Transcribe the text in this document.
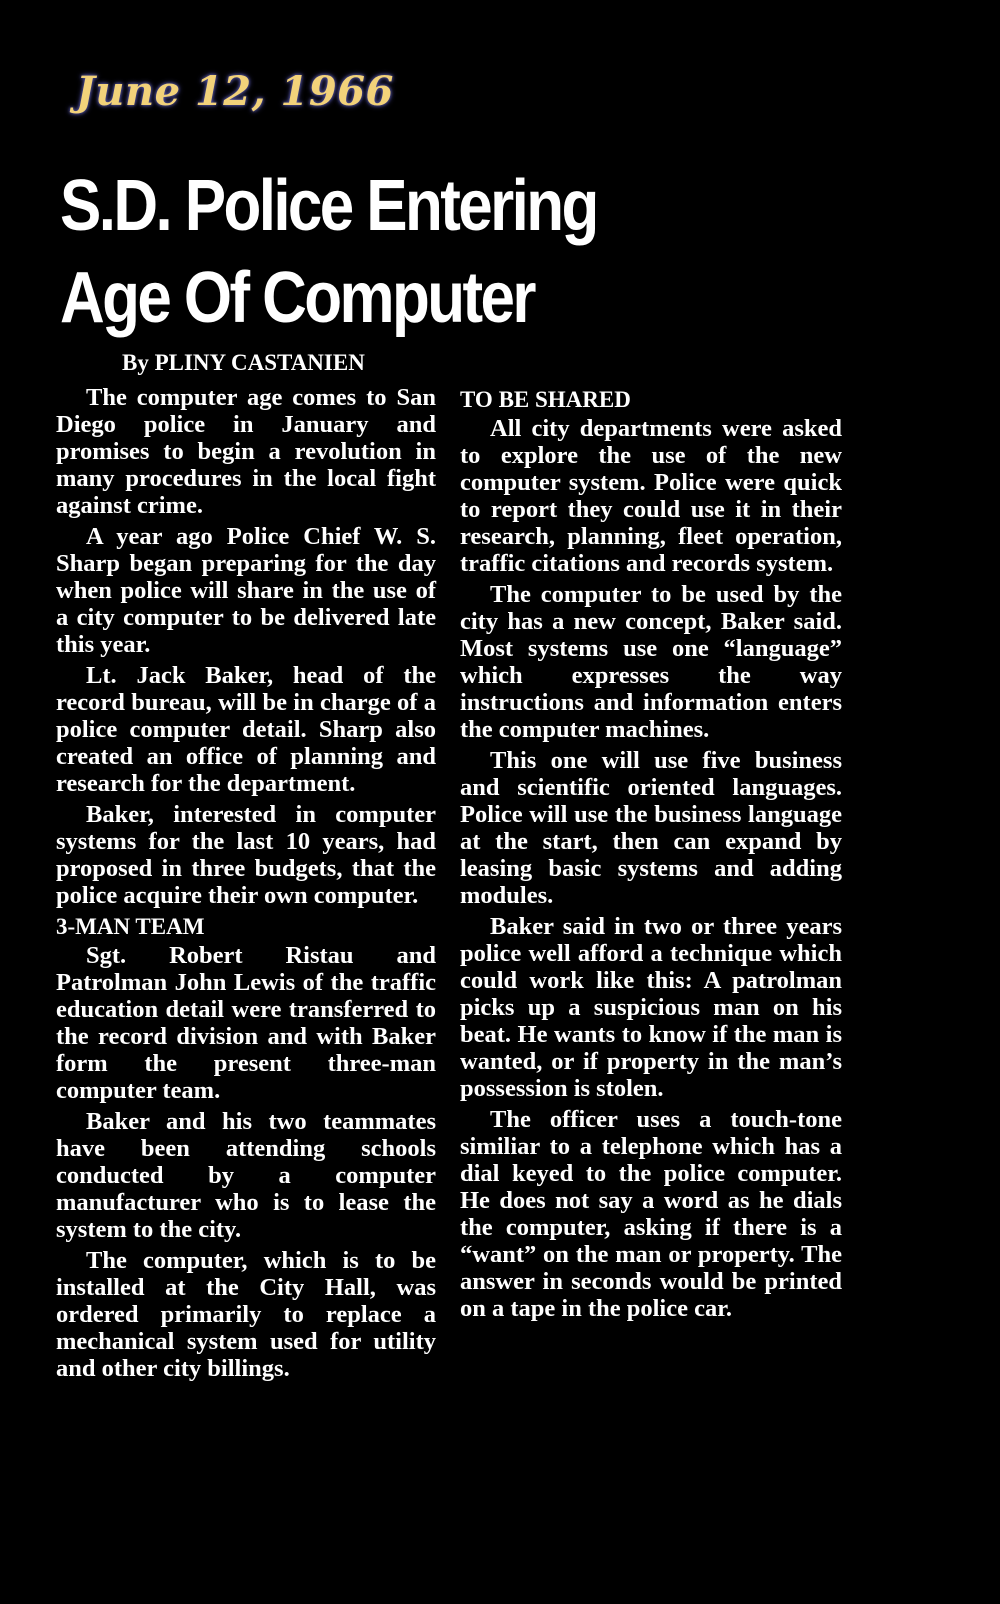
June 12, 1966
S.D. Police Entering Age Of Computer
By PLINY CASTANIEN

The computer age comes to San Diego police in January and promises to begin a revolution in many procedures in the local fight against crime.

A year ago Police Chief W. S. Sharp began preparing for the day when police will share in the use of a city computer to be delivered late this year.

Lt. Jack Baker, head of the record bureau, will be in charge of a police computer detail. Sharp also created an office of planning and research for the department.

Baker, interested in computer systems for the last 10 years, had proposed in three budgets, that the police acquire their own computer.

3-MAN TEAM

Sgt. Robert Ristau and Patrolman John Lewis of the traffic education detail were transferred to the record division and with Baker form the present three-man computer team.

Baker and his two teammates have been attending schools conducted by a computer manufacturer who is to lease the system to the city.

The computer, which is to be installed at the City Hall, was ordered primarily to replace a mechanical system used for utility and other city billings.

TO BE SHARED

All city departments were asked to explore the use of the new computer system. Police were quick to report they could use it in their research, planning, fleet operation, traffic citations and records system.

The computer to be used by the city has a new concept, Baker said. Most systems use one “language” which expresses the way instructions and information enters the computer machines.

This one will use five business and scientific oriented languages. Police will use the business language at the start, then can expand by leasing basic systems and adding modules.

Baker said in two or three years police well afford a technique which could work like this: A patrolman picks up a suspicious man on his beat. He wants to know if the man is wanted, or if property in the man’s possession is stolen.

The officer uses a touch-tone similiar to a telephone which has a dial keyed to the police computer. He does not say a word as he dials the computer, asking if there is a “want” on the man or property. The answer in seconds would be printed on a tape in the police car.
